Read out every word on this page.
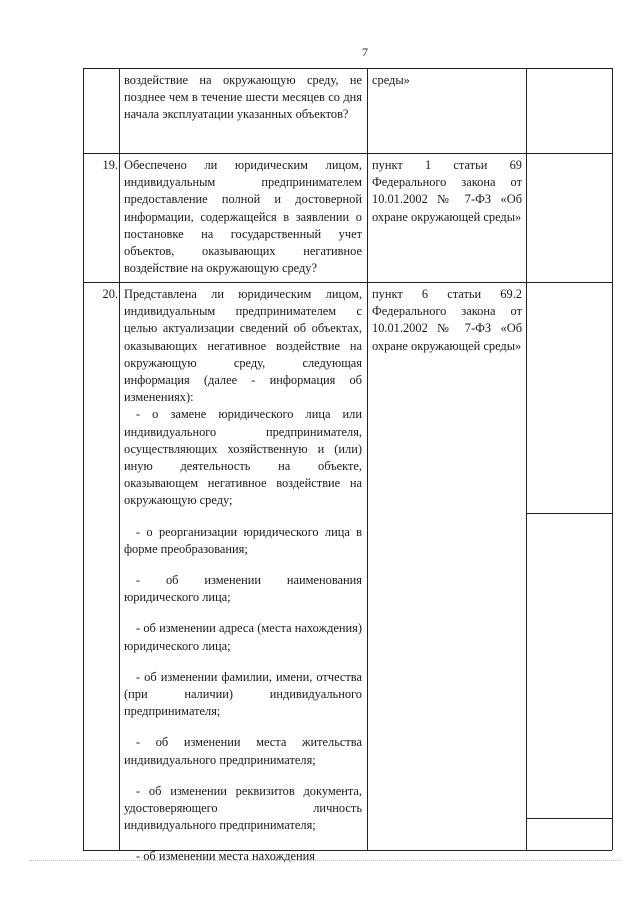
7

воздействие на окружающую среду, не позднее чем в течение шести месяцев со дня начала эксплуатации указанных объектов?

среды»

19. Обеспечено ли юридическим лицом, индивидуальным предпринимателем предоставление полной и достоверной информации, содержащейся в заявлении о постановке на государственный учет объектов, оказывающих негативное воздействие на окружающую среду?

пункт 1 статьи 69 Федерального закона от 10.01.2002 № 7-ФЗ «Об охране окружающей среды»

20. Представлена ли юридическим лицом, индивидуальным предпринимателем с целью актуализации сведений об объектах, оказывающих негативное воздействие на окружающую среду, следующая информация (далее - информация об изменениях):

- о замене юридического лица или индивидуального предпринимателя, осуществляющих хозяйственную и (или) иную деятельность на объекте, оказывающем негативное воздействие на окружающую среду;

- о реорганизации юридического лица в форме преобразования;

- об изменении наименования юридического лица;

- об изменении адреса (места нахождения) юридического лица;

- об изменении фамилии, имени, отчества (при наличии) индивидуального предпринимателя;

- об изменении места жительства индивидуального предпринимателя;

- об изменении реквизитов документа, удостоверяющего личность индивидуального предпринимателя;

- об изменении места нахождения

пункт 6 статьи 69.2 Федерального закона от 10.01.2002 № 7-ФЗ «Об охране окружающей среды»
